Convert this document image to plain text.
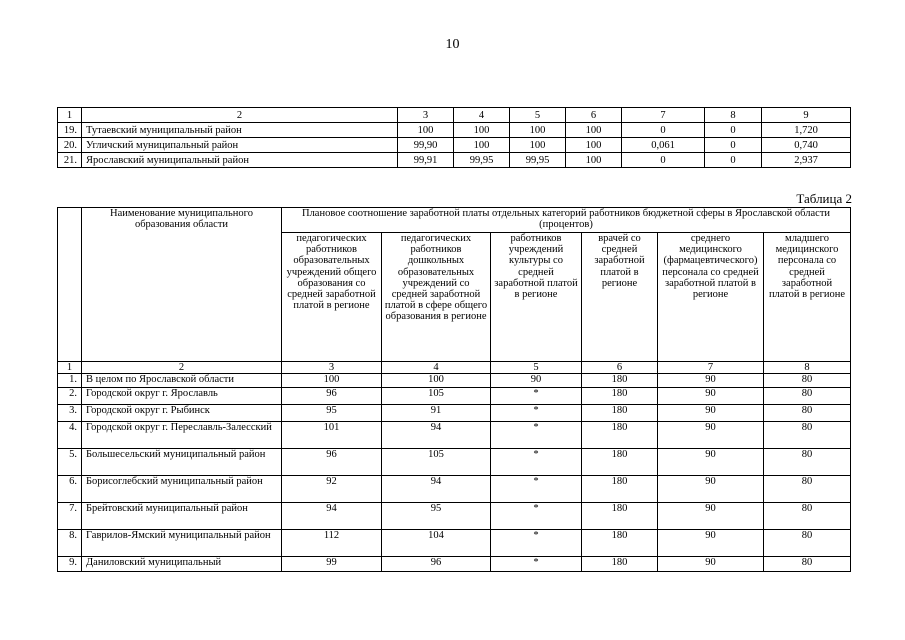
10
1	2	3	4	5	6	7	8	9
19.	Тутаевский муниципальный район	100	100	100	100	0	0	1,720
20.	Угличский муниципальный район	99,90	100	100	100	0,061	0	0,740
21.	Ярославский муниципальный район	99,91	99,95	99,95	100	0	0	2,937
Таблица 2
	Наименование муниципального образования области	Плановое соотношение заработной платы отдельных категорий работников бюджетной сферы в Ярославской области (процентов)					
		педагогических работников образовательных учреждений общего образования со средней заработной платой в регионе	педагогических работников дошкольных образовательных учреждений со средней заработной платой в сфере общего образования в регионе	работников учреждений культуры со средней заработной платой в регионе	врачей со средней заработной платой в регионе	среднего медицинского (фармацевтического) персонала со средней заработной платой в регионе	младшего медицинского персонала со средней заработной платой в регионе
1	2	3	4	5	6	7	8
1.	В целом по Ярославской области	100	100	90	180	90	80
2.	Городской округ г. Ярославль	96	105	*	180	90	80
3.	Городской округ г. Рыбинск	95	91	*	180	90	80
4.	Городской округ г. Переславль-Залесский	101	94	*	180	90	80
5.	Большесельский муниципальный район	96	105	*	180	90	80
6.	Борисоглебский муниципальный район	92	94	*	180	90	80
7.	Брейтовский муниципальный район	94	95	*	180	90	80
8.	Гаврилов-Ямский муниципальный район	112	104	*	180	90	80
9.	Даниловский муниципальный	99	96	*	180	90	80
